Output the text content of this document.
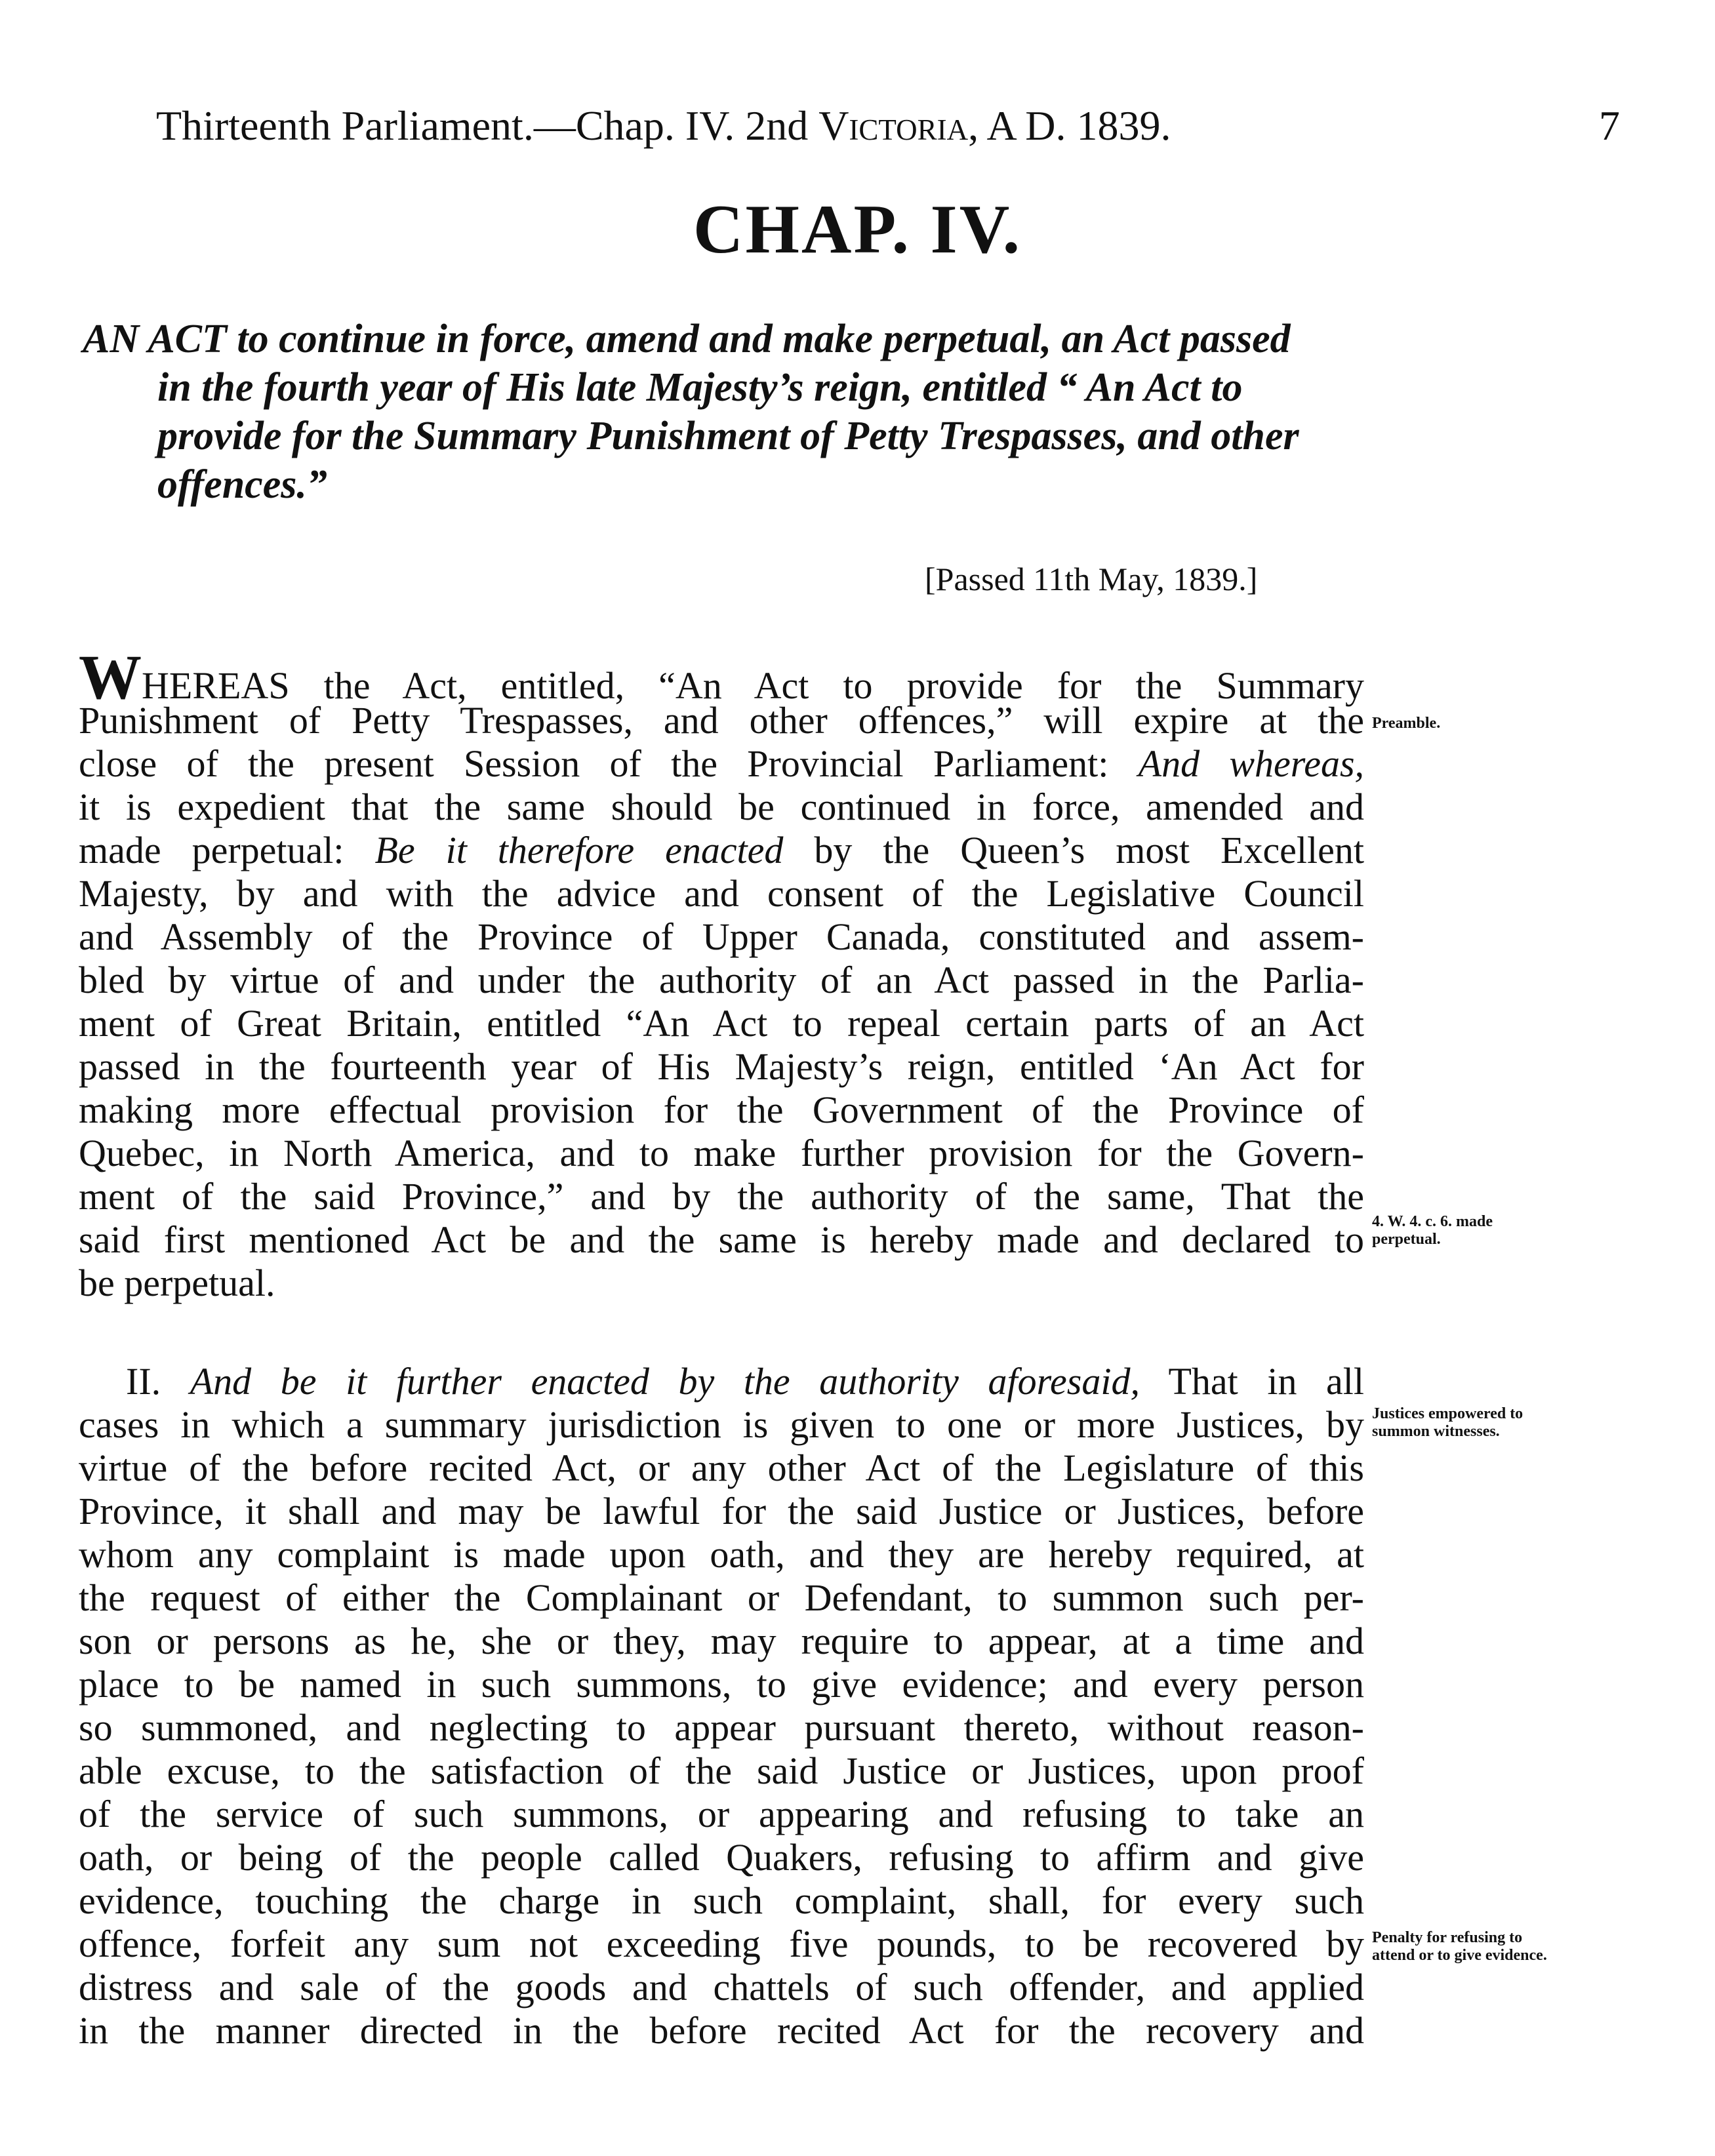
Thirteenth Parliament.—Chap. IV. 2nd Victoria, A D. 1839.	7
CHAP. IV.
AN ACT to continue in force, amend and make perpetual, an Act passed
in the fourth year of His late Majesty’s reign, entitled “ An Act to
provide for the Summary Punishment of Petty Trespasses, and other
offences.”
[Passed 11th May, 1839.]
WHEREAS the Act, entitled, “An Act to provide for the Summary
Punishment of Petty Trespasses, and other offences,” will expire at the
close of the present Session of the Provincial Parliament: And whereas,
it is expedient that the same should be continued in force, amended and
made perpetual: Be it therefore enacted by the Queen’s most Excellent
Majesty, by and with the advice and consent of the Legislative Council
and Assembly of the Province of Upper Canada, constituted and assem-
bled by virtue of and under the authority of an Act passed in the Parlia-
ment of Great Britain, entitled “An Act to repeal certain parts of an Act
passed in the fourteenth year of His Majesty’s reign, entitled ‘An Act for
making more effectual provision for the Government of the Province of
Quebec, in North America, and to make further provision for the Govern-
ment of the said Province,” and by the authority of the same, That the
said first mentioned Act be and the same is hereby made and declared to
be perpetual.
II. And be it further enacted by the authority aforesaid, That in all
cases in which a summary jurisdiction is given to one or more Justices, by
virtue of the before recited Act, or any other Act of the Legislature of this
Province, it shall and may be lawful for the said Justice or Justices, before
whom any complaint is made upon oath, and they are hereby required, at
the request of either the Complainant or Defendant, to summon such per-
son or persons as he, she or they, may require to appear, at a time and
place to be named in such summons, to give evidence; and every person
so summoned, and neglecting to appear pursuant thereto, without reason-
able excuse, to the satisfaction of the said Justice or Justices, upon proof
of the service of such summons, or appearing and refusing to take an
oath, or being of the people called Quakers, refusing to affirm and give
evidence, touching the charge in such complaint, shall, for every such
offence, forfeit any sum not exceeding five pounds, to be recovered by
distress and sale of the goods and chattels of such offender, and applied
in the manner directed in the before recited Act for the recovery and
Preamble.
4. W. 4. c. 6. made
perpetual.
Justices empowered to
summon witnesses.
Penalty for refusing to
attend or to give evidence.
